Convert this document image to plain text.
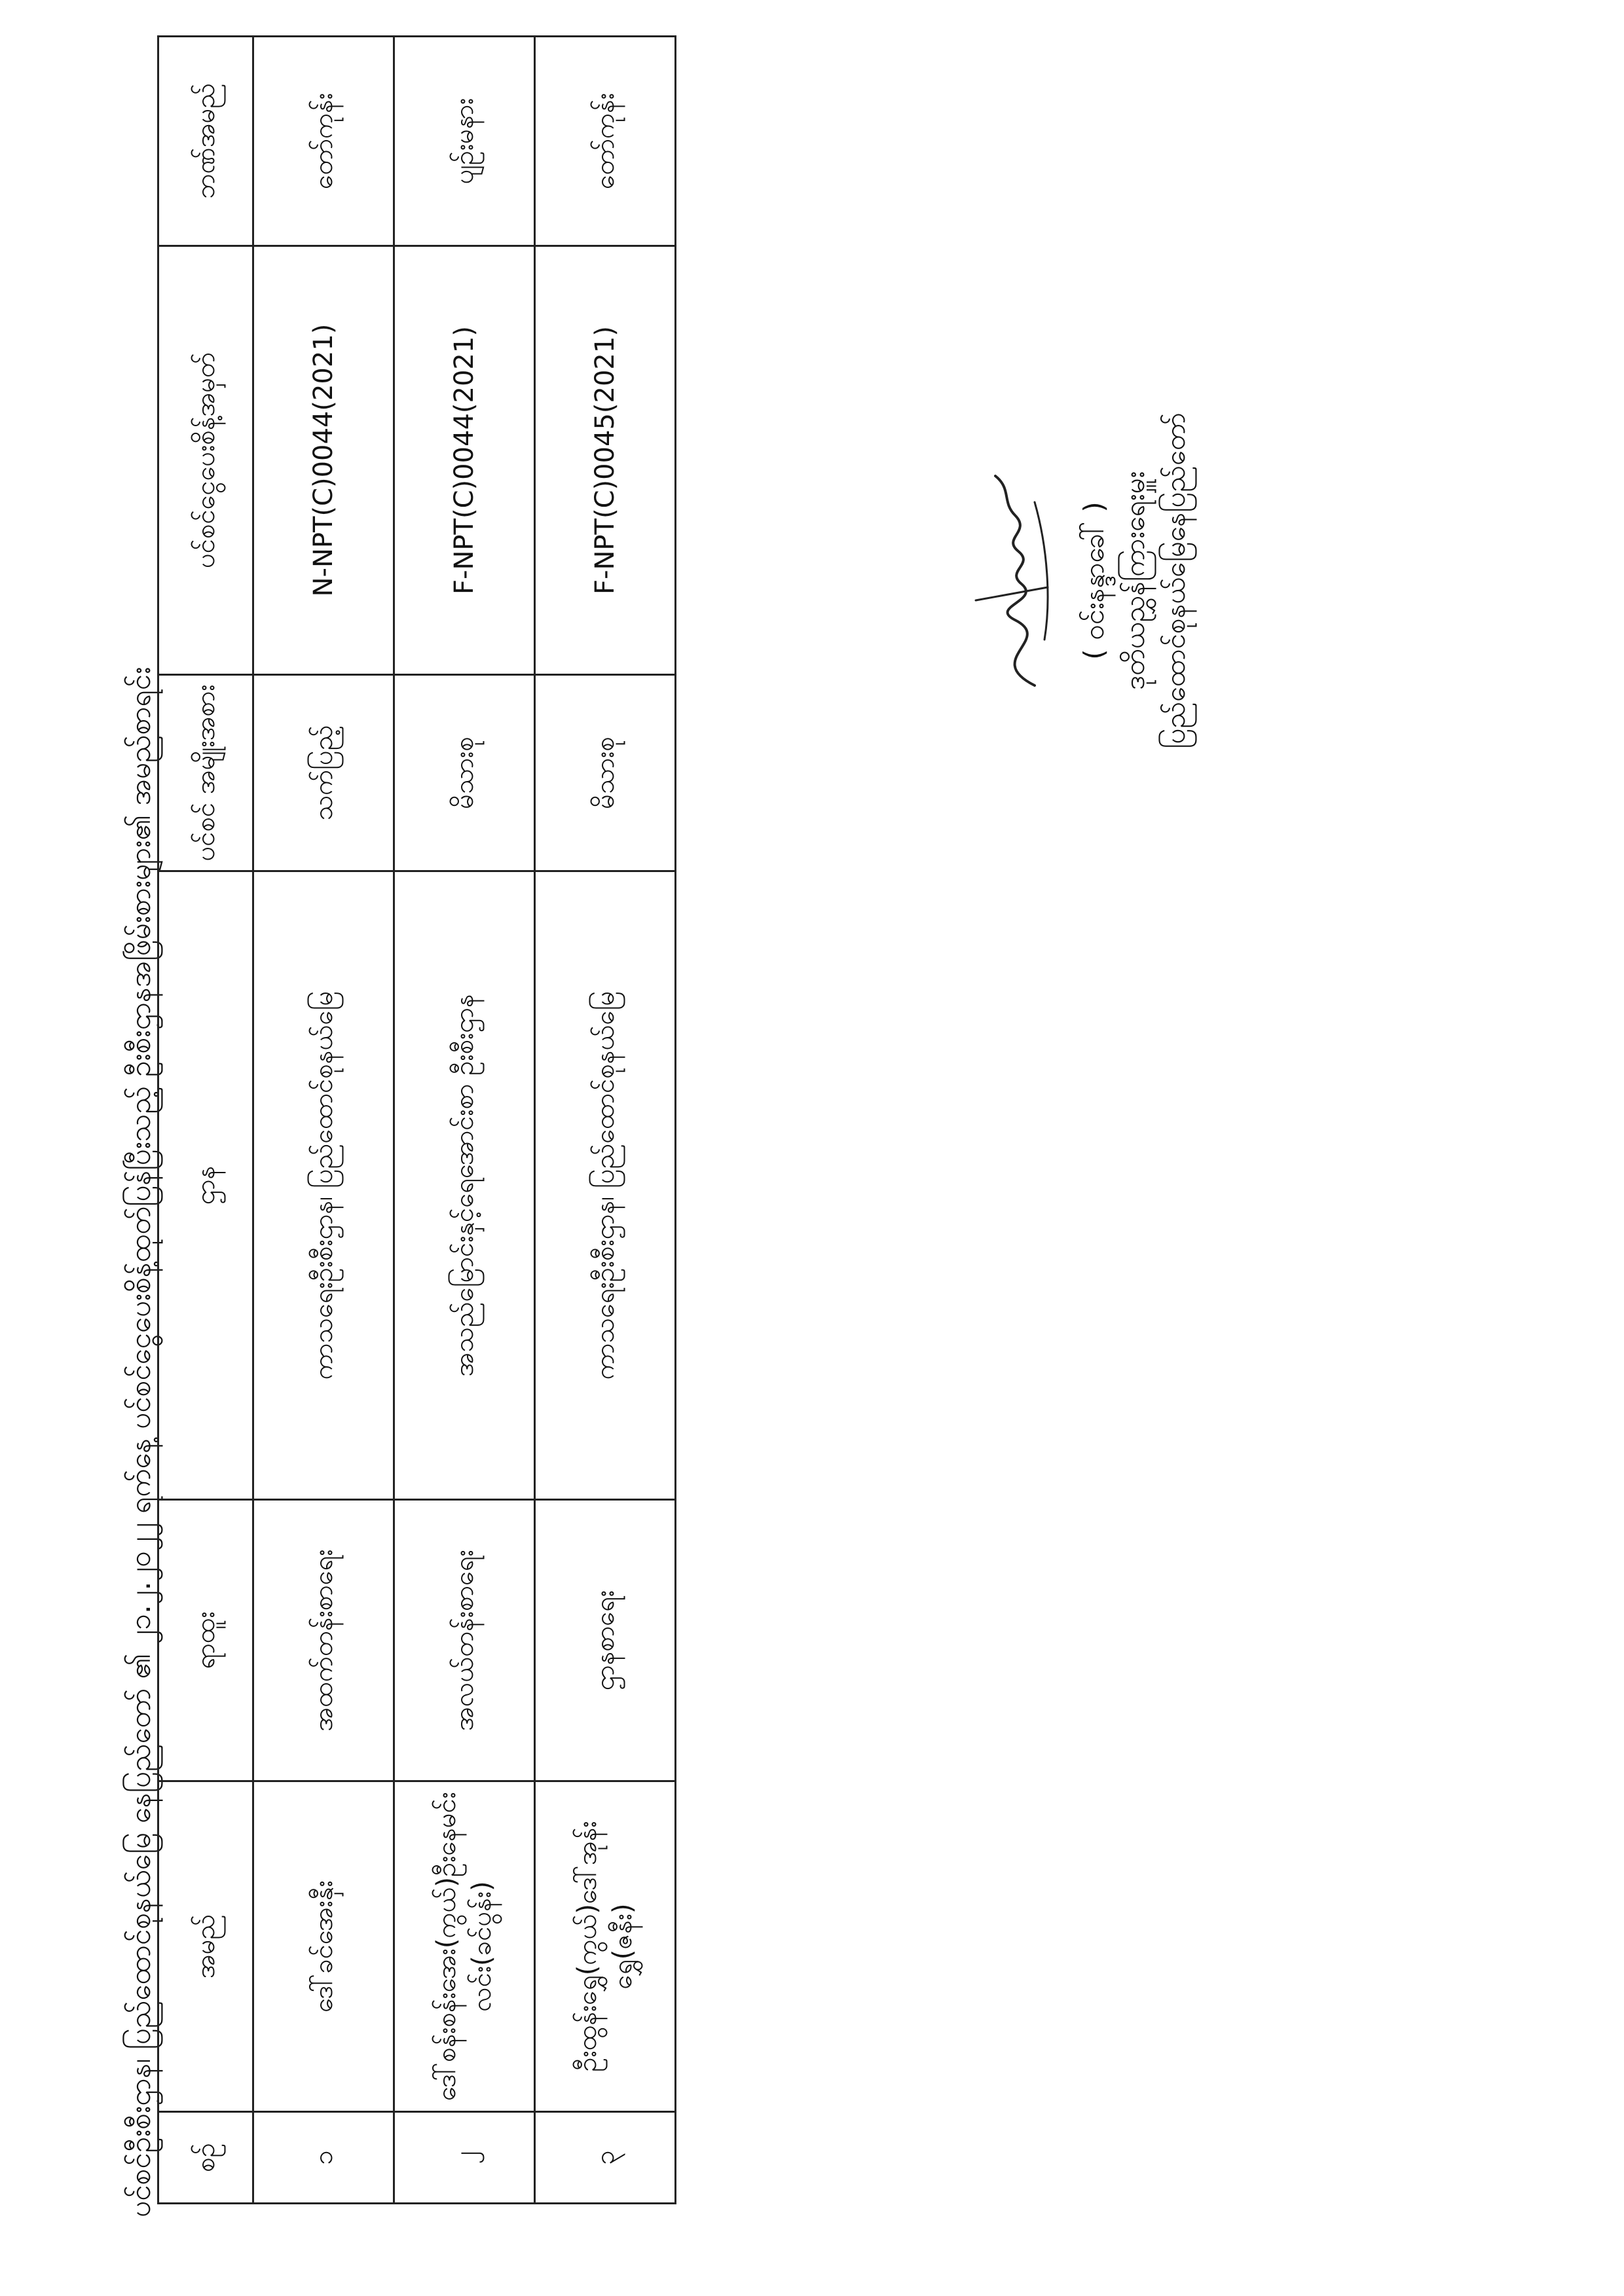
ပင်စင်ဦးစီးဌာန၊ ပြည်ထောင်စုနယ်မြေ နေပြည်တော် ၏ ၂၁.၂.၂၀၂၂ ရက်နေ့ ပင်စင်ငွေပေးစိန့်ထုတ်ပြန်ပြီးသည့် ဦးစီးဌာနအဖြိမ်းစားများ၏ အမည်စာရင်း စဉ်	အမည်	ရာထူး	ဌာန	ပင်စင် အမျိုးအစား	ပင်စင်ငွေပေးစိန့်အမှတ်	ဘဏ်အမည်
၁	ဒေါ်ခင်အေးနှီး	အထက်တန်းစာရေး	ကာသရေးဦးစီးဌာန၊ ပြည်ထောင်စုနယ်မြေ	သက်ပြည့်	N-NPT(C)0044(2021)	တော်ကုန်း
၂	ဒေါ်စန်းစန်းအေး(ကွယ်)ဦးနေမင်းလင်း(ခင်ပွန်း)	အလယ်တန်းစာရေး	အသည်မြောင်းနှင့်ရေအောင်းစာ ဦးစီးဌာန	မိသားစု	F-NPT(C)0044(2021)	ပျဉ်းမနား
၃	ဦးထွန်းရွှေ(ကွယ်)ဒေါ်အုန်းရွှေ(ဇနီး)	ဌာနစာရေး	ကာသရေးဦးစီးဌာန၊ ပြည်ထောင်စုနယ်မြေ	မိသားစု	F-NPT(C)0045(2021)	တော်ကုန်း
( ဝင်းနန္ဒာခေါ် ) ဒုတိယညွှန်ကြားရေးမှူး ပြည်ထောင်စုနယ်မြေနေပြည်တော်
